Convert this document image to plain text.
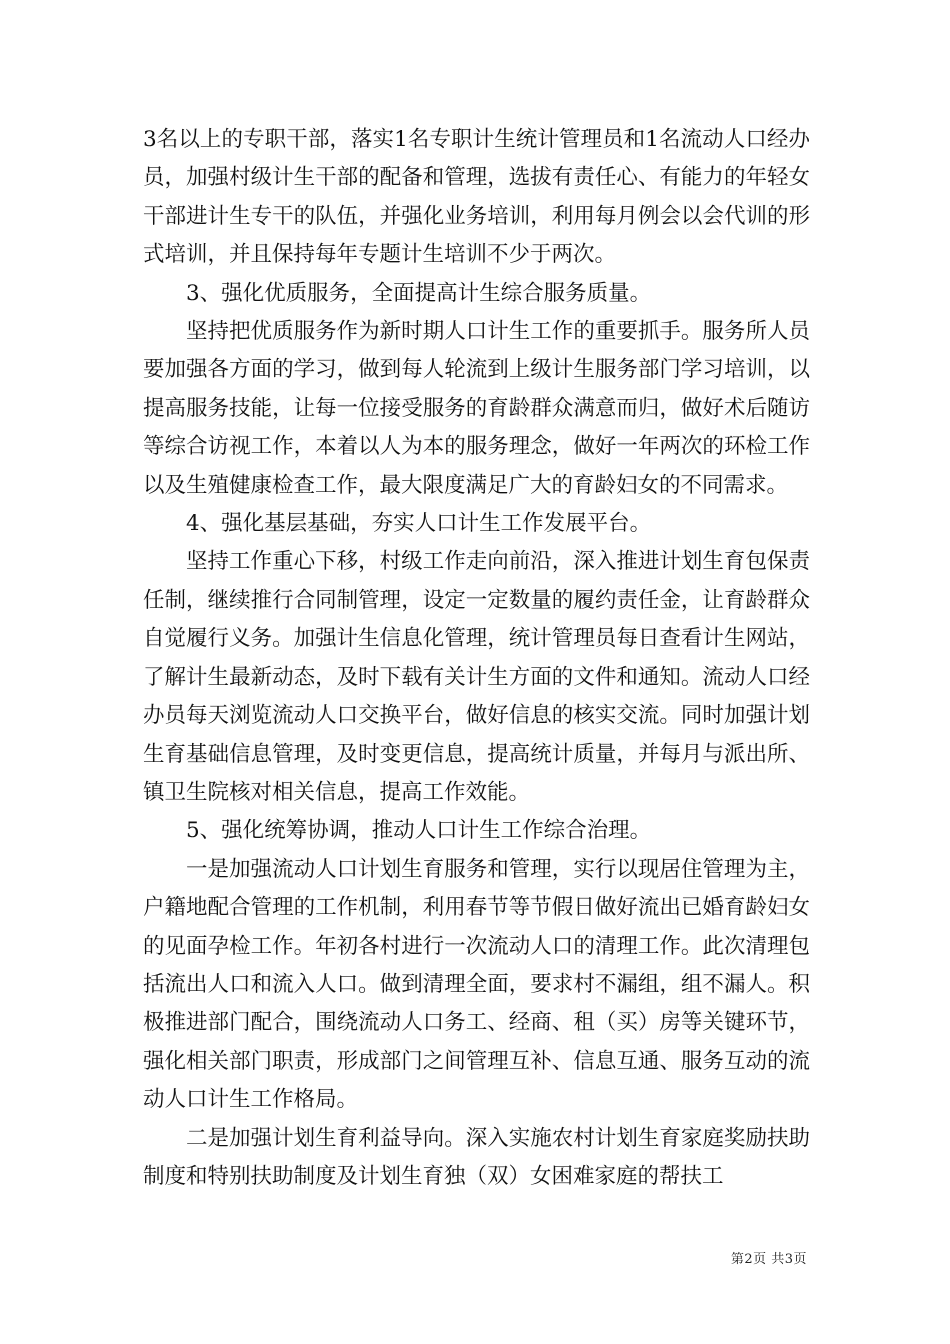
3名以上的专职干部，落实1名专职计生统计管理员和1名流动人口经办员，加强村级计生干部的配备和管理，选拔有责任心、有能力的年轻女干部进计生专干的队伍，并强化业务培训，利用每月例会以会代训的形式培训，并且保持每年专题计生培训不少于两次。

3、强化优质服务，全面提高计生综合服务质量。

坚持把优质服务作为新时期人口计生工作的重要抓手。服务所人员要加强各方面的学习，做到每人轮流到上级计生服务部门学习培训，以提高服务技能，让每一位接受服务的育龄群众满意而归，做好术后随访等综合访视工作，本着以人为本的服务理念，做好一年两次的环检工作以及生殖健康检查工作，最大限度满足广大的育龄妇女的不同需求。

4、强化基层基础，夯实人口计生工作发展平台。

坚持工作重心下移，村级工作走向前沿，深入推进计划生育包保责任制，继续推行合同制管理，设定一定数量的履约责任金，让育龄群众自觉履行义务。加强计生信息化管理，统计管理员每日查看计生网站，了解计生最新动态，及时下载有关计生方面的文件和通知。流动人口经办员每天浏览流动人口交换平台，做好信息的核实交流。同时加强计划生育基础信息管理，及时变更信息，提高统计质量，并每月与派出所、镇卫生院核对相关信息，提高工作效能。

5、强化统筹协调，推动人口计生工作综合治理。

一是加强流动人口计划生育服务和管理，实行以现居住管理为主，户籍地配合管理的工作机制，利用春节等节假日做好流出已婚育龄妇女的见面孕检工作。年初各村进行一次流动人口的清理工作。此次清理包括流出人口和流入人口。做到清理全面，要求村不漏组，组不漏人。积极推进部门配合，围绕流动人口务工、经商、租（买）房等关键环节，强化相关部门职责，形成部门之间管理互补、信息互通、服务互动的流动人口计生工作格局。

二是加强计划生育利益导向。深入实施农村计划生育家庭奖励扶助制度和特别扶助制度及计划生育独（双）女困难家庭的帮扶工

第2页 共3页
